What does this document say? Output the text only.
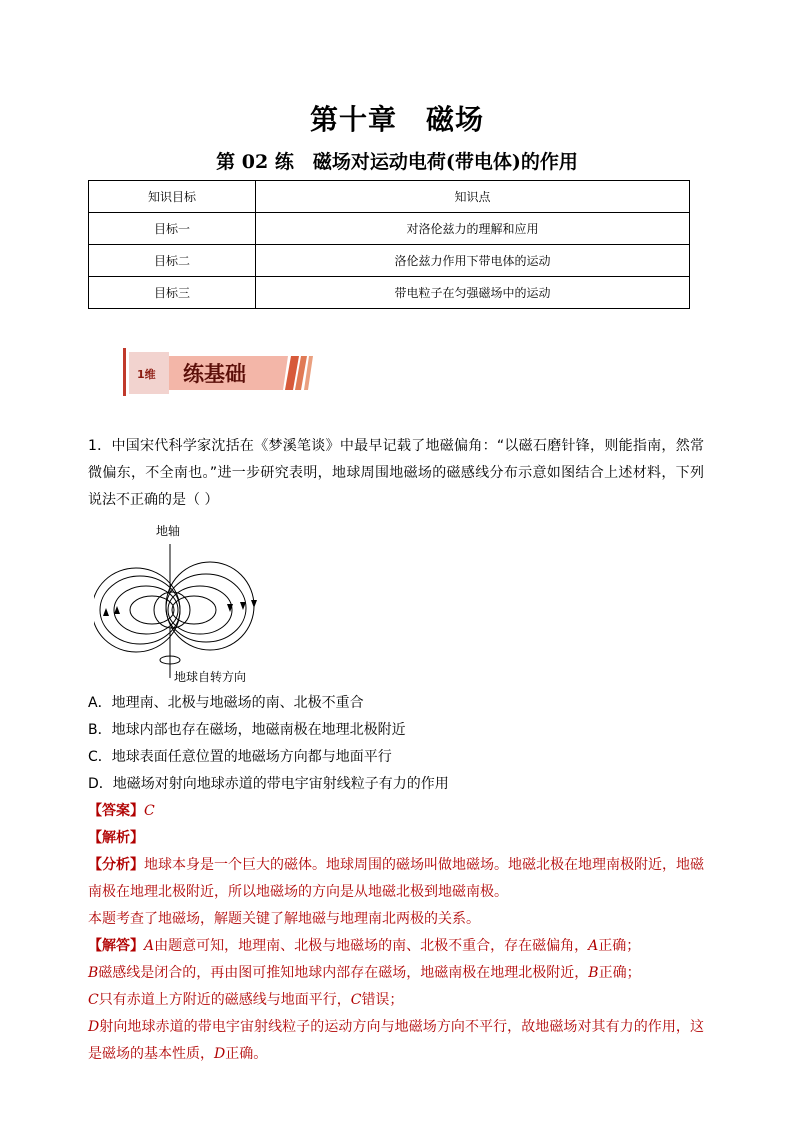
第十章　磁场
第 02 练　磁场对运动电荷(带电体)的作用
知识目标	知识点
目标一	对洛伦兹力的理解和应用
目标二	洛伦兹力作用下带电体的运动
目标三	带电粒子在匀强磁场中的运动
1维 练基础

1．中国宋代科学家沈括在《梦溪笔谈》中最早记载了地磁偏角：“以磁石磨针锋，则能指南，然常微偏东，不全南也。”进一步研究表明，地球周围地磁场的磁感线分布示意如图结合上述材料，下列说法不正确的是（ ）

地轴
地球自转方向

A．地理南、北极与地磁场的南、北极不重合

B．地球内部也存在磁场，地磁南极在地理北极附近

C．地球表面任意位置的地磁场方向都与地面平行

D．地磁场对射向地球赤道的带电宇宙射线粒子有力的作用

【答案】C

【解析】

【分析】地球本身是一个巨大的磁体。地球周围的磁场叫做地磁场。地磁北极在地理南极附近，地磁南极在地理北极附近，所以地磁场的方向是从地磁北极到地磁南极。

本题考查了地磁场，解题关键了解地磁与地理南北两极的关系。

【解答】A由题意可知，地理南、北极与地磁场的南、北极不重合，存在磁偏角，A正确；

B磁感线是闭合的，再由图可推知地球内部存在磁场，地磁南极在地理北极附近，B正确；

C只有赤道上方附近的磁感线与地面平行，C错误；

D射向地球赤道的带电宇宙射线粒子的运动方向与地磁场方向不平行，故地磁场对其有力的作用，这是磁场的基本性质，D正确。
